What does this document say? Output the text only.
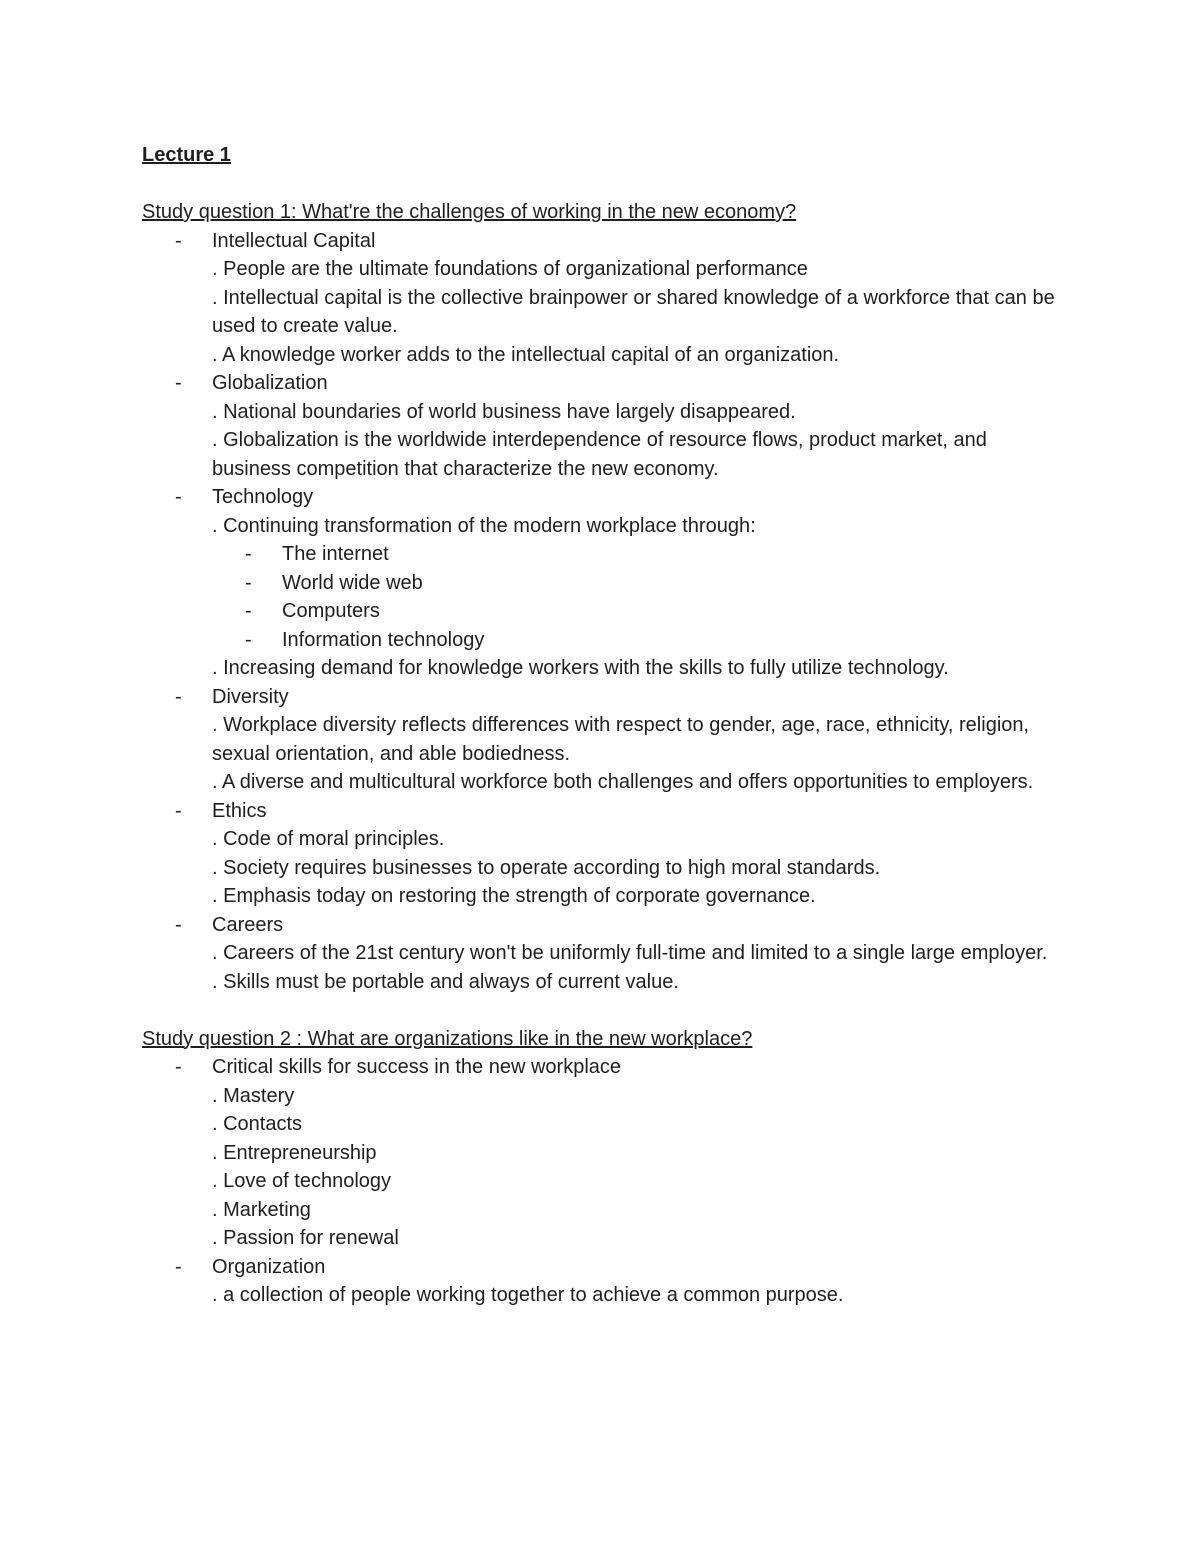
Lecture 1
Study question 1: What're the challenges of working in the new economy?
- Intellectual Capital
. People are the ultimate foundations of organizational performance
. Intellectual capital is the collective brainpower or shared knowledge of a workforce that can be used to create value.
. A knowledge worker adds to the intellectual capital of an organization.
- Globalization
. National boundaries of world business have largely disappeared.
. Globalization is the worldwide interdependence of resource flows, product market, and business competition that characterize the new economy.
- Technology
. Continuing transformation of the modern workplace through:
- The internet
- World wide web
- Computers
- Information technology
. Increasing demand for knowledge workers with the skills to fully utilize technology.
- Diversity
. Workplace diversity reflects differences with respect to gender, age, race, ethnicity, religion, sexual orientation, and able bodiedness.
. A diverse and multicultural workforce both challenges and offers opportunities to employers.
- Ethics
. Code of moral principles.
. Society requires businesses to operate according to high moral standards.
. Emphasis today on restoring the strength of corporate governance.
- Careers
. Careers of the 21st century won't be uniformly full-time and limited to a single large employer.
. Skills must be portable and always of current value.
Study question 2 : What are organizations like in the new workplace?
- Critical skills for success in the new workplace
. Mastery
. Contacts
. Entrepreneurship
. Love of technology
. Marketing
. Passion for renewal
- Organization
. a collection of people working together to achieve a common purpose.
